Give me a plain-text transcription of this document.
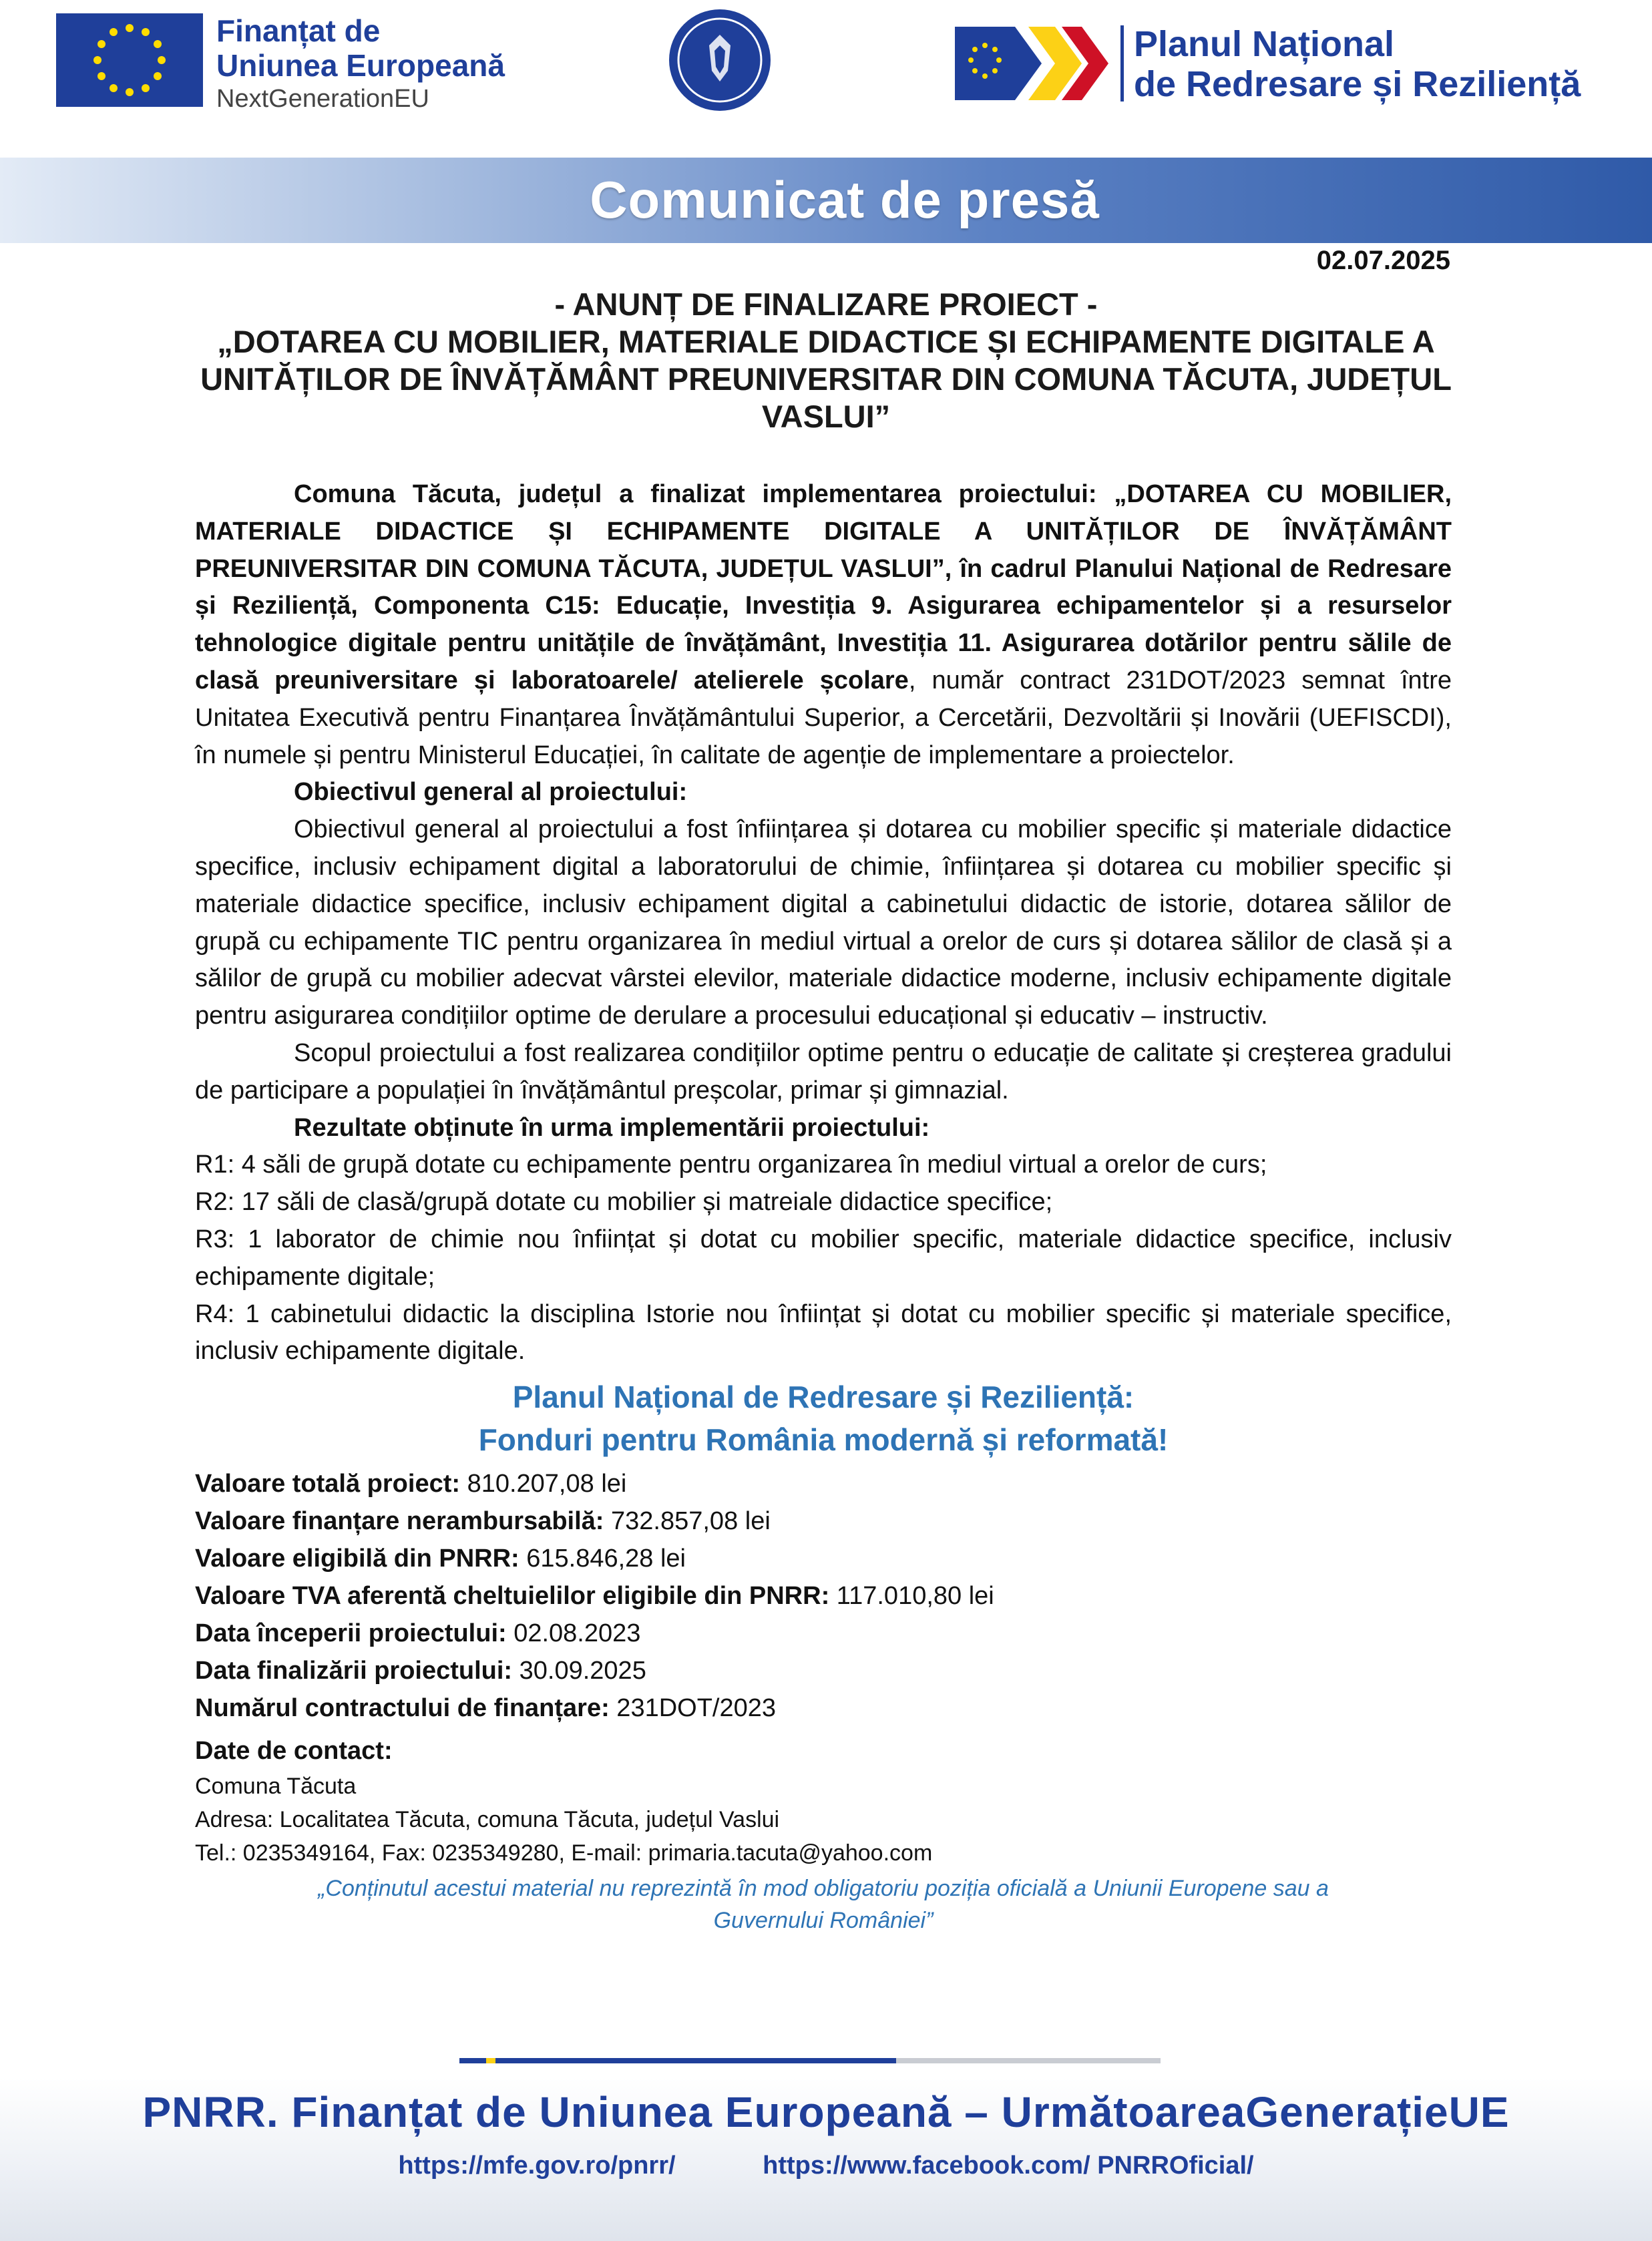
Finanțat de
Uniunea Europeană
NextGenerationEU
Planul Național
de Redresare și Reziliență
Comunicat de presă
02.07.2025
- ANUNȚ DE FINALIZARE PROIECT -
„DOTAREA CU MOBILIER, MATERIALE DIDACTICE ȘI ECHIPAMENTE DIGITALE A
UNITĂȚILOR DE ÎNVĂȚĂMÂNT PREUNIVERSITAR DIN COMUNA TĂCUTA, JUDEȚUL
VASLUI”

Comuna Tăcuta, județul a finalizat implementarea proiectului: „DOTAREA CU MOBILIER, MATERIALE DIDACTICE ȘI ECHIPAMENTE DIGITALE A UNITĂȚILOR DE ÎNVĂȚĂMÂNT PREUNIVERSITAR DIN COMUNA TĂCUTA, JUDEȚUL VASLUI”, în cadrul Planului Național de Redresare și Reziliență, Componenta C15: Educație, Investiția 9. Asigurarea echipamentelor și a resurselor tehnologice digitale pentru unitățile de învățământ, Investiția 11. Asigurarea dotărilor pentru sălile de clasă preuniversitare și laboratoarele/ atelierele școlare, număr contract 231DOT/2023 semnat între Unitatea Executivă pentru Finanțarea Învățământului Superior, a Cercetării, Dezvoltării și Inovării (UEFISCDI), în numele și pentru Ministerul Educației, în calitate de agenție de implementare a proiectelor.

Obiectivul general al proiectului:

Obiectivul general al proiectului a fost înființarea și dotarea cu mobilier specific și materiale didactice specifice, inclusiv echipament digital a laboratorului de chimie, înființarea și dotarea cu mobilier specific și materiale didactice specifice, inclusiv echipament digital a cabinetului didactic de istorie, dotarea sălilor de grupă cu echipamente TIC pentru organizarea în mediul virtual a orelor de curs și dotarea sălilor de clasă și a sălilor de grupă cu mobilier adecvat vârstei elevilor, materiale didactice moderne, inclusiv echipamente digitale pentru asigurarea condițiilor optime de derulare a procesului educațional și educativ – instructiv.

Scopul proiectului a fost realizarea condițiilor optime pentru o educație de calitate și creșterea gradului de participare a populației în învățământul preșcolar, primar și gimnazial.

Rezultate obținute în urma implementării proiectului:

R1: 4 săli de grupă dotate cu echipamente pentru organizarea în mediul virtual a orelor de curs;

R2: 17 săli de clasă/grupă dotate cu mobilier și matreiale didactice specifice;

R3: 1 laborator de chimie nou înființat și dotat cu mobilier specific, materiale didactice specifice, inclusiv echipamente digitale;

R4: 1 cabinetului didactic la disciplina Istorie nou înființat și dotat cu mobilier specific și materiale specifice, inclusiv echipamente digitale.

Planul Național de Redresare și Reziliență:
Fonduri pentru România modernă și reformată!
Valoare totală proiect: 810.207,08 lei
Valoare finanțare nerambursabilă: 732.857,08 lei
Valoare eligibilă din PNRR: 615.846,28 lei
Valoare TVA aferentă cheltuielilor eligibile din PNRR: 117.010,80 lei
Data începerii proiectului: 02.08.2023
Data finalizării proiectului: 30.09.2025
Numărul contractului de finanțare: 231DOT/2023
Date de contact:
Comuna Tăcuta
Adresa: Localitatea Tăcuta, comuna Tăcuta, județul Vaslui
Tel.: 0235349164, Fax: 0235349280, E-mail: primaria.tacuta@yahoo.com
„Conținutul acestui material nu reprezintă în mod obligatoriu poziția oficială a Uniunii Europene sau a
Guvernului României”
PNRR. Finanțat de Uniunea Europeană – UrmătoareaGenerațieUE
https://mfe.gov.ro/pnrr/	https://www.facebook.com/ PNRROficial/
